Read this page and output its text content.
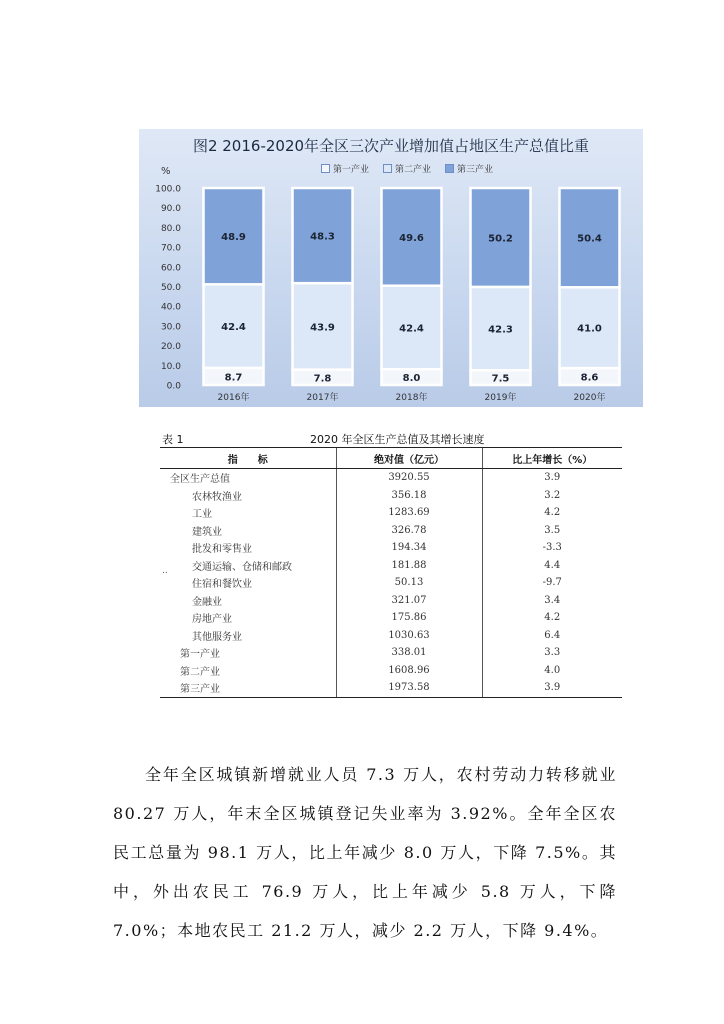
%
0.0
10.0
20.0
30.0
40.0
50.0
60.0
70.0
80.0
90.0
100.0
8.7
42.4
48.9
2016年
7.8
43.9
48.3
2017年
8.0
42.4
49.6
2018年
7.5
42.3
50.2
2019年
8.6
41.0
50.4
2020年
图2 2016-2020年全区三次产业增加值占地区生产总值比重
第一产业	第二产业	第三产业
表 1	2020 年全区生产总值及其增长速度
指　　标	绝对值（亿元）	比上年增长（%）
全区生产总值	3920.55	3.9
农林牧渔业	356.18	3.2
工业	1283.69	4.2
建筑业	326.78	3.5
批发和零售业	194.34	-3.3
交通运输、仓储和邮政	181.88	4.4
住宿和餐饮业	50.13	-9.7
金融业	321.07	3.4
房地产业	175.86	4.2
其他服务业	1030.63	6.4
第一产业	338.01	3.3
第二产业	1608.96	4.0
第三产业	1973.58	3.9
..

全年全区城镇新增就业人员 7.3 万人，农村劳动力转移就业 80.27 万人，年末全区城镇登记失业率为 3.92%。全年全区农民工总量为 98.1 万人，比上年减少 8.0 万人，下降 7.5%。其中，外出农民工 76.9 万人，比上年减少 5.8 万人，下降 7.0%；本地农民工 21.2 万人，减少 2.2 万人，下降 9.4%。
